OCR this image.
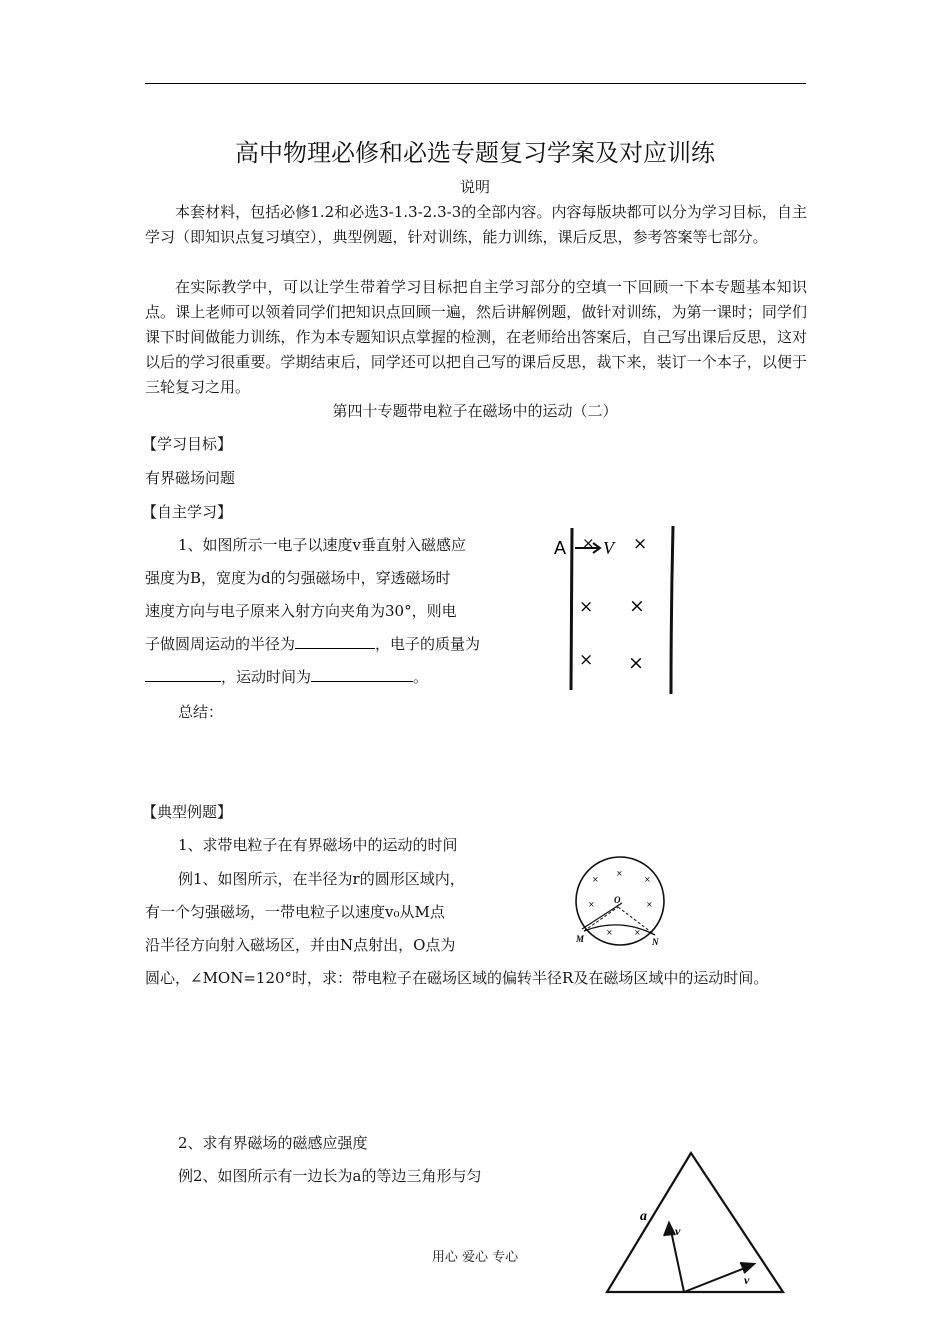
高中物理必修和必选专题复习学案及对应训练
说明

本套材料，包括必修1.2和必选3-1.3-2.3-3的全部内容。内容每版块都可以分为学习目标，自主学习（即知识点复习填空），典型例题，针对训练，能力训练，课后反思，参考答案等七部分。

在实际教学中，可以让学生带着学习目标把自主学习部分的空填一下回顾一下本专题基本知识点。课上老师可以领着同学们把知识点回顾一遍，然后讲解例题，做针对训练，为第一课时；同学们课下时间做能力训练，作为本专题知识点掌握的检测，在老师给出答案后，自己写出课后反思，这对以后的学习很重要。学期结束后，同学还可以把自己写的课后反思，裁下来，装订一个本子，以便于三轮复习之用。

第四十专题带电粒子在磁场中的运动（二）
【学习目标】
有界磁场问题
【自主学习】
1、如图所示一电子以速度v垂直射入磁感应
强度为B，宽度为d的匀强磁场中，穿透磁场时
速度方向与电子原来入射方向夹角为30°，则电
子做圆周运动的半径为	，电子的质量为
，运动时间为	。
总结：
A V
× ×
× ×
× ×
【典型例题】
1、求带电粒子在有界磁场中的运动的时间
例1、如图所示，在半径为r的圆形区域内，
有一个匀强磁场，一带电粒子以速度v₀从M点
沿半径方向射入磁场区，并由N点射出，O点为
圆心，∠MON=120°时，求：带电粒子在磁场区域的偏转半径R及在磁场区域中的运动时间。
O
M	N
×
×
×
×	×
×	×
2、求有界磁场的磁感应强度
例2、如图所示有一边长为a的等边三角形与匀
a
v
v
用心 爱心 专心
